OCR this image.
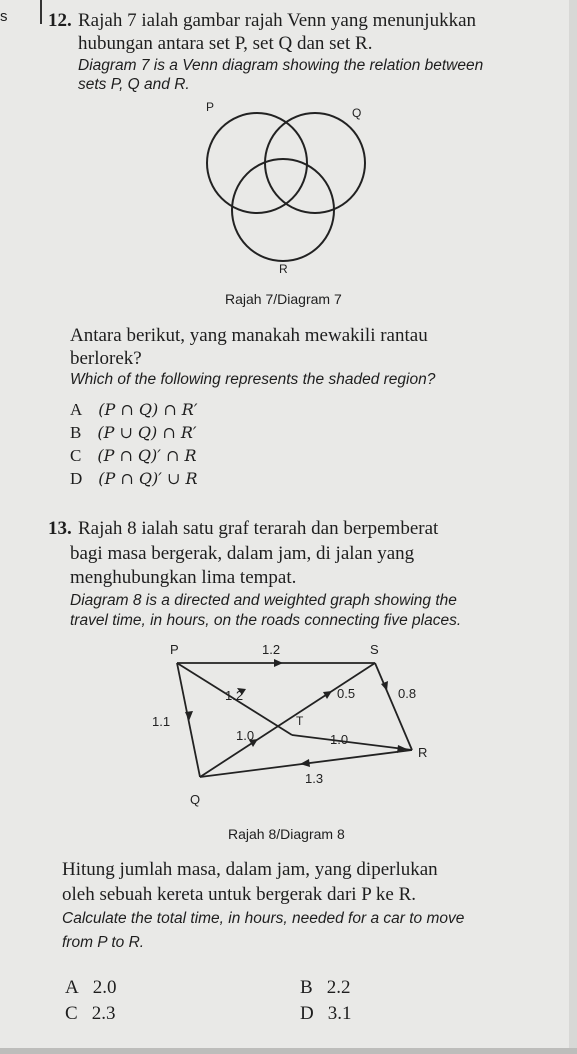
s 12. Rajah 7 ialah gambar rajah Venn yang menunjukkan
hubungan antara set P, set Q dan set R.
Diagram 7 is a Venn diagram showing the relation between
sets P, Q and R.
P	Q
R
Rajah 7/Diagram 7
Antara berikut, yang manakah mewakili rantau
berlorek?
Which of the following represents the shaded region?
A (P ∩ Q) ∩ R′
B (P ∪ Q) ∩ R′
C (P ∩ Q)′ ∩ R
D (P ∩ Q)′ ∪ R
13. Rajah 8 ialah satu graf terarah dan berpemberat
bagi masa bergerak, dalam jam, di jalan yang
menghubungkan lima tempat.
Diagram 8 is a directed and weighted graph showing the
travel time, in hours, on the roads connecting five places.
P	S
T
R
Q
1.2
1.2
1.1
1.0
0.5
1.0
0.8
1.3
Rajah 8/Diagram 8
Hitung jumlah masa, dalam jam, yang diperlukan
oleh sebuah kereta untuk bergerak dari P ke R.
Calculate the total time, in hours, needed for a car to move
from P to R.
A 2.0	B 2.2
C 2.3	D 3.1
